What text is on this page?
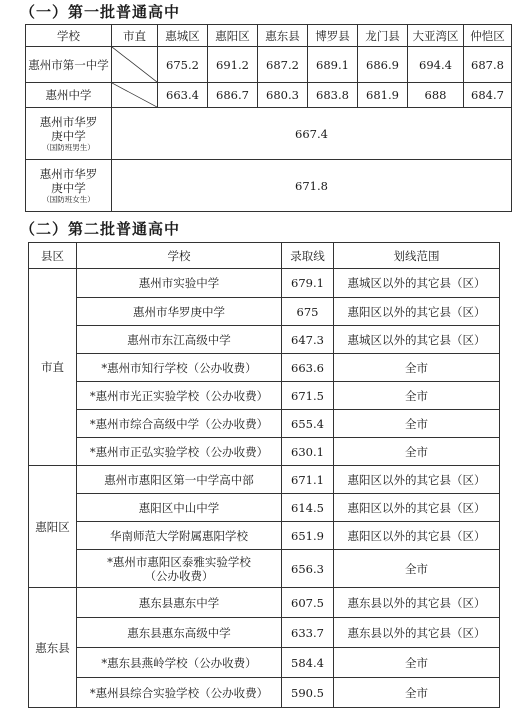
（一）第一批普通高中
学校	市直	惠城区	惠阳区	惠东县	博罗县	龙门县	大亚湾区	仲恺区
惠州市第一中学		675.2	691.2	687.2	689.1	686.9	694.4	687.8
惠州中学		663.4	686.7	680.3	683.8	681.9	688	684.7

惠州市华罗
庚中学
（国防班男生）	667.4							

惠州市华罗
庚中学
（国防班女生）	671.8							
（二）第二批普通高中
县区	学校	录取线	划线范围
市直	惠州市实验中学	679.1	惠城区以外的其它县（区）
	惠州市华罗庚中学	675	惠阳区以外的其它县（区）
	惠州市东江高级中学	647.3	惠城区以外的其它县（区）
	*惠州市知行学校（公办收费）	663.6	全市
	*惠州市光正实验学校（公办收费）	671.5	全市
	*惠州市综合高级中学（公办收费）	655.4	全市
	*惠州市正弘实验学校（公办收费）	630.1	全市
惠阳区	惠州市惠阳区第一中学高中部	671.1	惠阳区以外的其它县（区）
	惠阳区中山中学	614.5	惠阳区以外的其它县（区）
	华南师范大学附属惠阳学校	651.9	惠阳区以外的其它县（区）

	*惠州市惠阳区泰雅实验学校
（公办收费）	656.3	全市
惠东县	惠东县惠东中学	607.5	惠东县以外的其它县（区）
	惠东县惠东高级中学	633.7	惠东县以外的其它县（区）
	*惠东县燕岭学校（公办收费）	584.4	全市
	*惠州县综合实验学校（公办收费）	590.5	全市
